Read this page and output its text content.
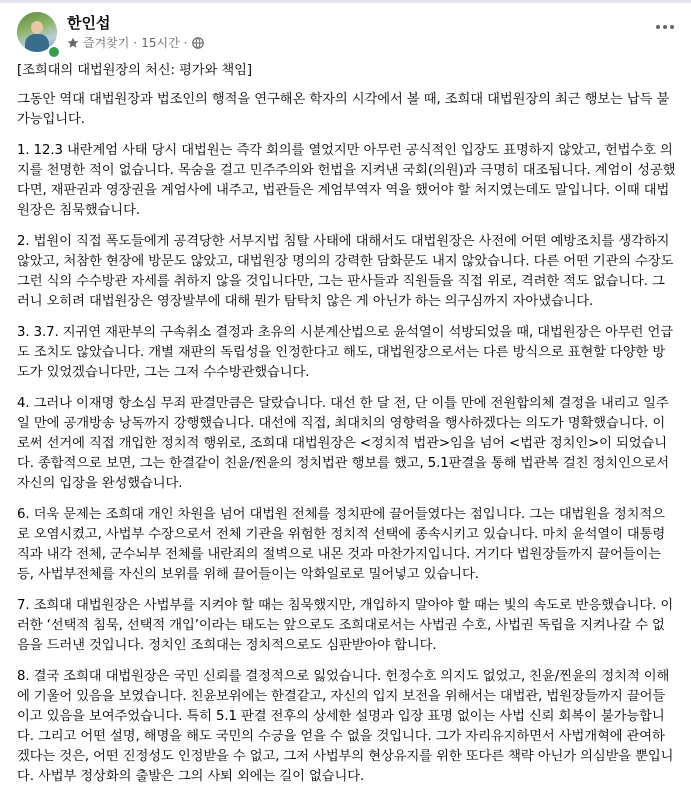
한인섭
즐겨찾기 · 15시간 ·

[조희대의 대법원장의 처신: 평가와 책임]

그동안 역대 대법원장과 법조인의 행적을 연구해온 학자의 시각에서 볼 때, 조희대 대법원장의 최근 행보는 납득 불가능입니다.

1. 12.3 내란계엄 사태 당시 대법원는 즉각 회의를 열었지만 아무런 공식적인 입장도 표명하지 않았고, 헌법수호 의지를 천명한 적이 없습니다. 목숨을 걸고 민주주의와 헌법을 지켜낸 국회(의원)과 극명히 대조됩니다. 계엄이 성공했다면, 재판권과 영장권을 계엄사에 내주고, 법관들은 계엄부역자 역을 했어야 할 처지였는데도 말입니다. 이때 대법원장은 침묵했습니다.

2. 법원이 직접 폭도들에게 공격당한 서부지법 침탈 사태에 대해서도 대법원장은 사전에 어떤 예방조치를 생각하지 않았고, 처참한 현장에 방문도 않았고, 대법원장 명의의 강력한 담화문도 내지 않았습니다. 다른 어떤 기관의 수장도 그런 식의 수수방관 자세를 취하지 않을 것입니다만, 그는 판사들과 직원들을 직접 위로, 격려한 적도 없습니다. 그러니 오히려 대법원장은 영장발부에 대해 뭔가 탐탁치 않은 게 아닌가 하는 의구심까지 자아냈습니다.

3. 3.7. 지귀연 재판부의 구속취소 결정과 초유의 시분계산법으로 윤석열이 석방되었을 때, 대법원장은 아무런 언급도 조치도 않았습니다. 개별 재판의 독립성을 인정한다고 해도, 대법원장으로서는 다른 방식으로 표현할 다양한 방도가 있었겠습니다만, 그는 그저 수수방관했습니다.

4. 그러나 이재명 항소심 무죄 판결만큼은 달랐습니다. 대선 한 달 전, 단 이틀 만에 전원합의체 결정을 내리고 일주일 만에 공개방송 낭독까지 강행했습니다. 대선에 직접, 최대치의 영향력을 행사하겠다는 의도가 명확했습니다. 이로써 선거에 직접 개입한 정치적 행위로, 조희대 대법원장은 <정치적 법관>임을 넘어 <법관 정치인>이 되었습니다. 종합적으로 보면, 그는 한결같이 친윤/찐윤의 정치법관 행보를 했고, 5.1판결을 통해 법관복 걸친 정치인으로서 자신의 입장을 완성했습니다.

6. 더욱 문제는 조희대 개인 차원을 넘어 대법원 전체를 정치판에 끌어들였다는 점입니다. 그는 대법원을 정치적으로 오염시켰고, 사법부 수장으로서 전체 기관을 위험한 정치적 선택에 종속시키고 있습니다. 마치 윤석열이 대통령직과 내각 전체, 군수뇌부 전체를 내란죄의 절벽으로 내몬 것과 마찬가지입니다. 거기다 법원장들까지 끌어들이는 등, 사법부전체를 자신의 보위를 위해 끌어들이는 악화일로로 밀어넣고 있습니다.

7. 조희대 대법원장은 사법부를 지켜야 할 때는 침묵했지만, 개입하지 말아야 할 때는 빛의 속도로 반응했습니다. 이러한 ‘선택적 침묵, 선택적 개입’이라는 태도는 앞으로도 조희대로서는 사법권 수호, 사법권 독립을 지켜나갈 수 없음을 드러낸 것입니다. 정치인 조희대는 정치적으로도 심판받아야 합니다.

8. 결국 조희대 대법원장은 국민 신뢰를 결정적으로 잃었습니다. 헌정수호 의지도 없었고, 친윤/찐윤의 정치적 이해에 기울어 있음을 보였습니다. 친윤보위에는 한결같고, 자신의 입지 보전을 위해서는 대법관, 법원장들까지 끌어들이고 있음을 보여주었습니다. 특히 5.1 판결 전후의 상세한 설명과 입장 표명 없이는 사법 신뢰 회복이 불가능합니다. 그리고 어떤 설명, 해명을 해도 국민의 수긍을 얻을 수 없을 것입니다. 그가 자리유지하면서 사법개혁에 관여하겠다는 것은, 어떤 진정성도 인정받을 수 없고, 그저 사법부의 현상유지를 위한 또다른 책략 아닌가 의심받을 뿐입니다. 사법부 정상화의 출발은 그의 사퇴 외에는 길이 없습니다.
